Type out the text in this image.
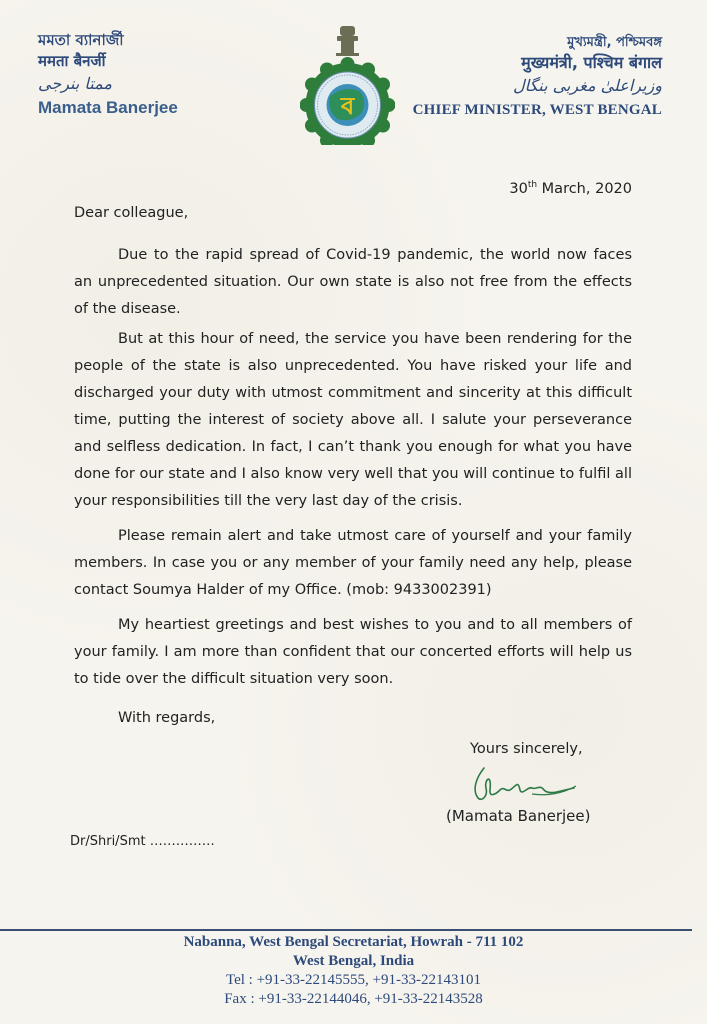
মমতা ব্যানার্জী
ममता बैनर्जी
ممتا بنرجی
Mamata Banerjee	ব
মুখ্যমন্ত্রী, পশ্চিমবঙ্গ
मुख्यमंत्री, पश्चिम बंगाल
وزیراعلیٰ مغربی بنگال
CHIEF MINISTER, WEST BENGAL
30th March, 2020
Dear colleague,
Due to the rapid spread of Covid-19 pandemic, the world now faces an unprecedented situation. Our own state is also not free from the effects of the disease.
But at this hour of need, the service you have been rendering for the people of the state is also unprecedented. You have risked your life and discharged your duty with utmost commitment and sincerity at this difficult time, putting the interest of society above all. I salute your perseverance and selfless dedication. In fact, I can’t thank you enough for what you have done for our state and I also know very well that you will continue to fulfil all your responsibilities till the very last day of the crisis.
Please remain alert and take utmost care of yourself and your family members. In case you or any member of your family need any help, please contact Soumya Halder of my Office. (mob: 9433002391)
My heartiest greetings and best wishes to you and to all members of your family. I am more than confident that our concerted efforts will help us to tide over the difficult situation very soon.
With regards,
Yours sincerely,
(Mamata Banerjee)
Dr/Shri/Smt ……………
Nabanna, West Bengal Secretariat, Howrah - 711 102
West Bengal, India
Tel : +91-33-22145555, +91-33-22143101
Fax : +91-33-22144046, +91-33-22143528
